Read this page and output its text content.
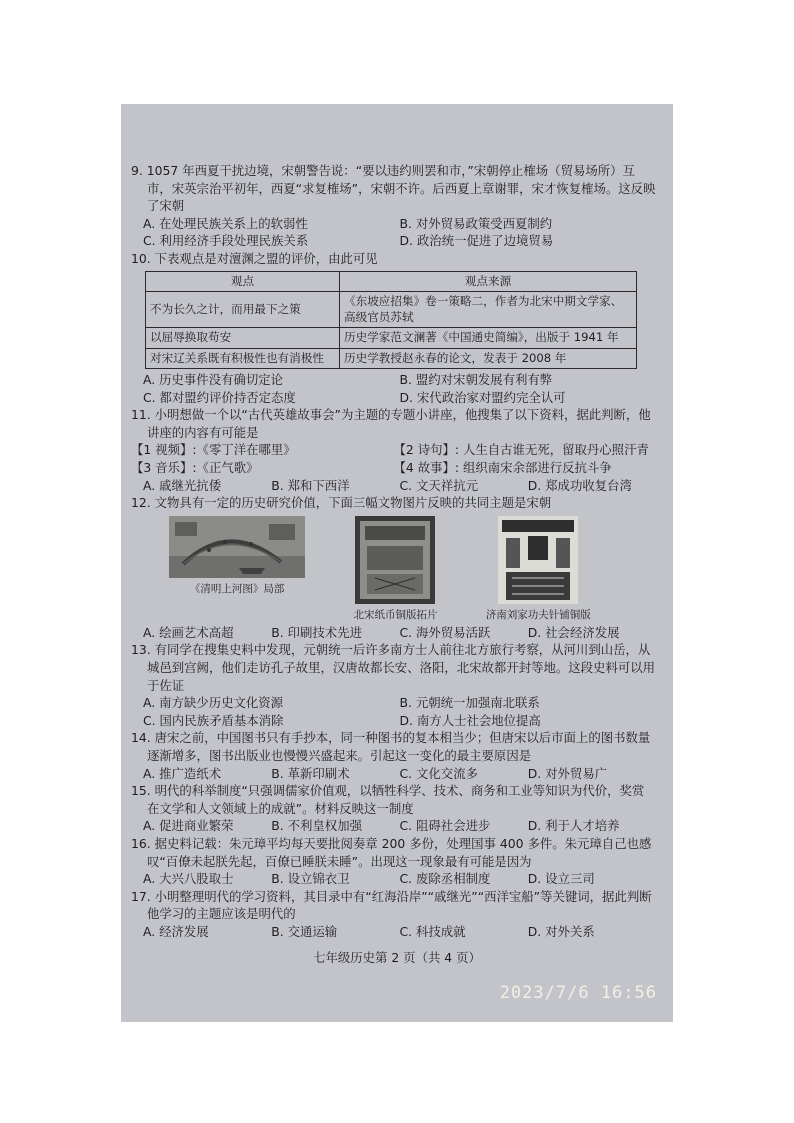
9. 1057 年西夏干扰边境，宋朝警告说：“要以违约则罢和市，”宋朝停止榷场（贸易场所）互市，宋英宗治平初年，西夏“求复榷场”，宋朝不许。后西夏上章谢罪，宋才恢复榷场。这反映了宋朝

A. 在处理民族关系上的软弱性	B. 对外贸易政策受西夏制约
C. 利用经济手段处理民族关系	D. 政治统一促进了边境贸易

10. 下表观点是对澶渊之盟的评价，由此可见

观点	观点来源
不为长久之计，而用最下之策	《东坡应招集》卷一策略二，作者为北宋中期文学家、高级官员苏轼
以屈辱换取苟安	历史学家范文澜著《中国通史简编》，出版于 1941 年
对宋辽关系既有积极性也有消极性	历史学教授赵永春的论文，发表于 2008 年
A. 历史事件没有确切定论	B. 盟约对宋朝发展有利有弊
C. 都对盟约评价持否定态度	D. 宋代政治家对盟约完全认可

11. 小明想做一个以“古代英雄故事会”为主题的专题小讲座，他搜集了以下资料，据此判断，他讲座的内容有可能是

【1 视频】:《零丁洋在哪里》	【2 诗句】: 人生自古谁无死，留取丹心照汗青
【3 音乐】:《正气歌》	【4 故事】: 组织南宋余部进行反抗斗争
A. 戚继光抗倭	B. 郑和下西洋	C. 文天祥抗元	D. 郑成功收复台湾

12. 文物具有一定的历史研究价值，下面三幅文物图片反映的共同主题是宋朝

《清明上河图》局部
北宋纸币铜版拓片	济南刘家功夫针铺铜版
A. 绘画艺术高超	B. 印刷技术先进	C. 海外贸易活跃	D. 社会经济发展

13. 有同学在搜集史料中发现，元朝统一后许多南方士人前往北方旅行考察，从河川到山岳，从城邑到宫阙，他们走访孔子故里，汉唐故都长安、洛阳，北宋故都开封等地。这段史料可以用于佐证

A. 南方缺少历史文化资源	B. 元朝统一加强南北联系
C. 国内民族矛盾基本消除	D. 南方人士社会地位提高

14. 唐宋之前，中国图书只有手抄本，同一种图书的复本相当少；但唐宋以后市面上的图书数量逐渐增多，图书出版业也慢慢兴盛起来。引起这一变化的最主要原因是

A. 推广造纸术	B. 革新印刷术	C. 文化交流多	D. 对外贸易广

15. 明代的科举制度“只强调儒家价值观，以牺牲科学、技术、商务和工业等知识为代价，奖赏在文学和人文领域上的成就”。材料反映这一制度

A. 促进商业繁荣	B. 不利皇权加强	C. 阻碍社会进步	D. 利于人才培养

16. 据史料记载：朱元璋平均每天要批阅奏章 200 多份，处理国事 400 多件。朱元璋自己也感叹“百僚未起朕先起，百僚已睡朕未睡”。出现这一现象最有可能是因为

A. 大兴八股取士	B. 设立锦衣卫	C. 废除丞相制度	D. 设立三司

17. 小明整理明代的学习资料，其目录中有“红海沿岸”“戚继光”“西洋宝船”等关键词，据此判断他学习的主题应该是明代的

A. 经济发展	B. 交通运输	C. 科技成就	D. 对外关系
七年级历史第 2 页（共 4 页）
2023/7/6 16:56
